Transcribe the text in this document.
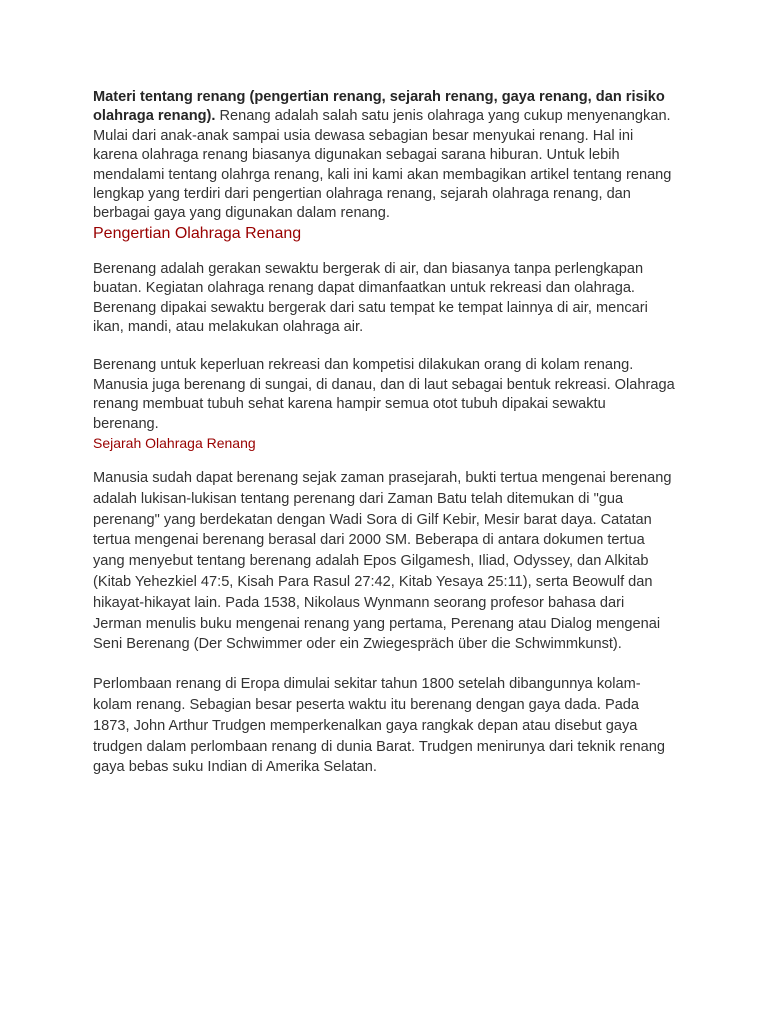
Materi tentang renang (pengertian renang, sejarah renang, gaya renang, dan risiko olahraga renang). Renang adalah salah satu jenis olahraga yang cukup menyenangkan. Mulai dari anak-anak sampai usia dewasa sebagian besar menyukai renang. Hal ini karena olahraga renang biasanya digunakan sebagai sarana hiburan. Untuk lebih mendalami tentang olahrga renang, kali ini kami akan membagikan artikel tentang renang lengkap yang terdiri dari pengertian olahraga renang, sejarah olahraga renang, dan berbagai gaya yang digunakan dalam renang.

Pengertian Olahraga Renang

Berenang adalah gerakan sewaktu bergerak di air, dan biasanya tanpa perlengkapan buatan. Kegiatan olahraga renang dapat dimanfaatkan untuk rekreasi dan olahraga. Berenang dipakai sewaktu bergerak dari satu tempat ke tempat lainnya di air, mencari ikan, mandi, atau melakukan olahraga air.

Berenang untuk keperluan rekreasi dan kompetisi dilakukan orang di kolam renang. Manusia juga berenang di sungai, di danau, dan di laut sebagai bentuk rekreasi. Olahraga renang membuat tubuh sehat karena hampir semua otot tubuh dipakai sewaktu berenang.

Sejarah Olahraga Renang

Manusia sudah dapat berenang sejak zaman prasejarah, bukti tertua mengenai berenang adalah lukisan-lukisan tentang perenang dari Zaman Batu telah ditemukan di "gua perenang" yang berdekatan dengan Wadi Sora di Gilf Kebir, Mesir barat daya. Catatan tertua mengenai berenang berasal dari 2000 SM. Beberapa di antara dokumen tertua yang menyebut tentang berenang adalah Epos Gilgamesh, Iliad, Odyssey, dan Alkitab (Kitab Yehezkiel 47:5, Kisah Para Rasul 27:42, Kitab Yesaya 25:11), serta Beowulf dan hikayat-hikayat lain. Pada 1538, Nikolaus Wynmann seorang profesor bahasa dari Jerman menulis buku mengenai renang yang pertama, Perenang atau Dialog mengenai Seni Berenang (Der Schwimmer oder ein Zwiegespräch über die Schwimmkunst).

Perlombaan renang di Eropa dimulai sekitar tahun 1800 setelah dibangunnya kolam-kolam renang. Sebagian besar peserta waktu itu berenang dengan gaya dada. Pada 1873, John Arthur Trudgen memperkenalkan gaya rangkak depan atau disebut gaya trudgen dalam perlombaan renang di dunia Barat. Trudgen menirunya dari teknik renang gaya bebas suku Indian di Amerika Selatan.
